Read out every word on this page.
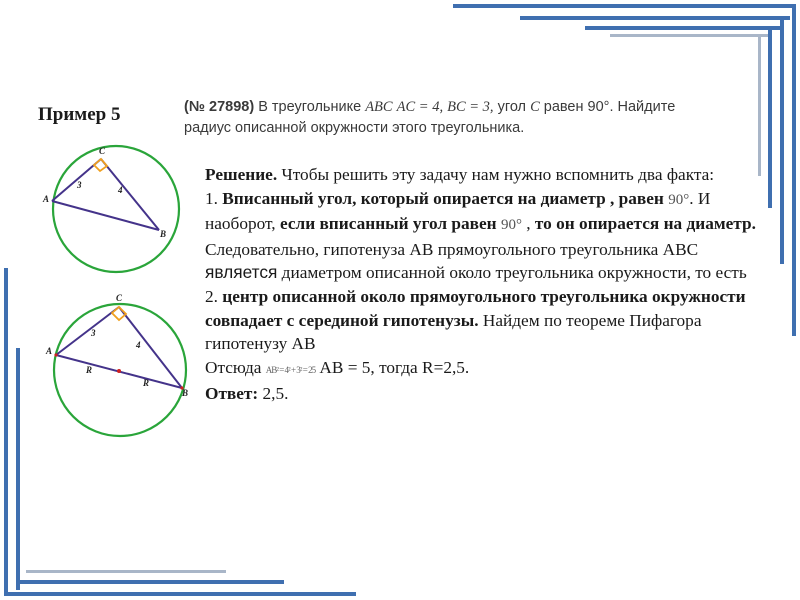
Пример 5	(№ 27898) В треугольнике ABC AC = 4, BC = 3, угол C равен 90°. Найдите
радиус описанной окружности этого треугольника.
A
B
C
3	4
A
B
C
3
4
R
R

Решение. Чтобы решить эту задачу нам нужно вспомнить два факта:

1. Вписанный угол, который опирается на диаметр , равен 90°. И наоборот, если вписанный угол равен 90° , то он опирается на диаметр. Следовательно, гипотенуза АВ прямоугольного треугольника АВС является диаметром описанной около треугольника окружности, то есть

2. центр описанной около прямоугольного треугольника окружности совпадает с серединой гипотенузы. Найдем по теореме Пифагора гипотенузу АВ

Отсюда AB² = 4² + 3² = 25 АВ = 5, тогда R=2,5.

Ответ: 2,5.
